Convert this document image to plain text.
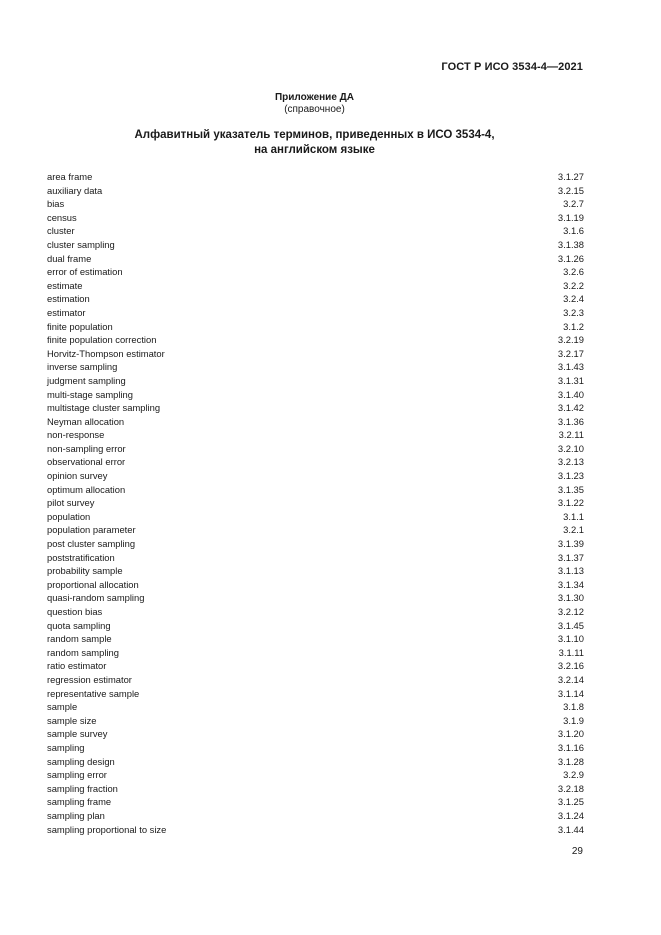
ГОСТ Р ИСО 3534-4—2021
Приложение ДА
(справочное)
Алфавитный указатель терминов, приведенных в ИСО 3534-4,
на английском языке
area frame	3.1.27
auxiliary data	3.2.15
bias	3.2.7
census	3.1.19
cluster	3.1.6
cluster sampling	3.1.38
dual frame	3.1.26
error of estimation	3.2.6
estimate	3.2.2
estimation	3.2.4
estimator	3.2.3
finite population	3.1.2
finite population correction	3.2.19
Horvitz-Thompson estimator	3.2.17
inverse sampling	3.1.43
judgment sampling	3.1.31
multi-stage sampling	3.1.40
multistage cluster sampling	3.1.42
Neyman allocation	3.1.36
non-response	3.2.11
non-sampling error	3.2.10
observational error	3.2.13
opinion survey	3.1.23
optimum allocation	3.1.35
pilot survey	3.1.22
population	3.1.1
population parameter	3.2.1
post cluster sampling	3.1.39
poststratification	3.1.37
probability sample	3.1.13
proportional allocation	3.1.34
quasi-random sampling	3.1.30
question bias	3.2.12
quota sampling	3.1.45
random sample	3.1.10
random sampling	3.1.11
ratio estimator	3.2.16
regression estimator	3.2.14
representative sample	3.1.14
sample	3.1.8
sample size	3.1.9
sample survey	3.1.20
sampling	3.1.16
sampling design	3.1.28
sampling error	3.2.9
sampling fraction	3.2.18
sampling frame	3.1.25
sampling plan	3.1.24
sampling proportional to size	3.1.44
29
